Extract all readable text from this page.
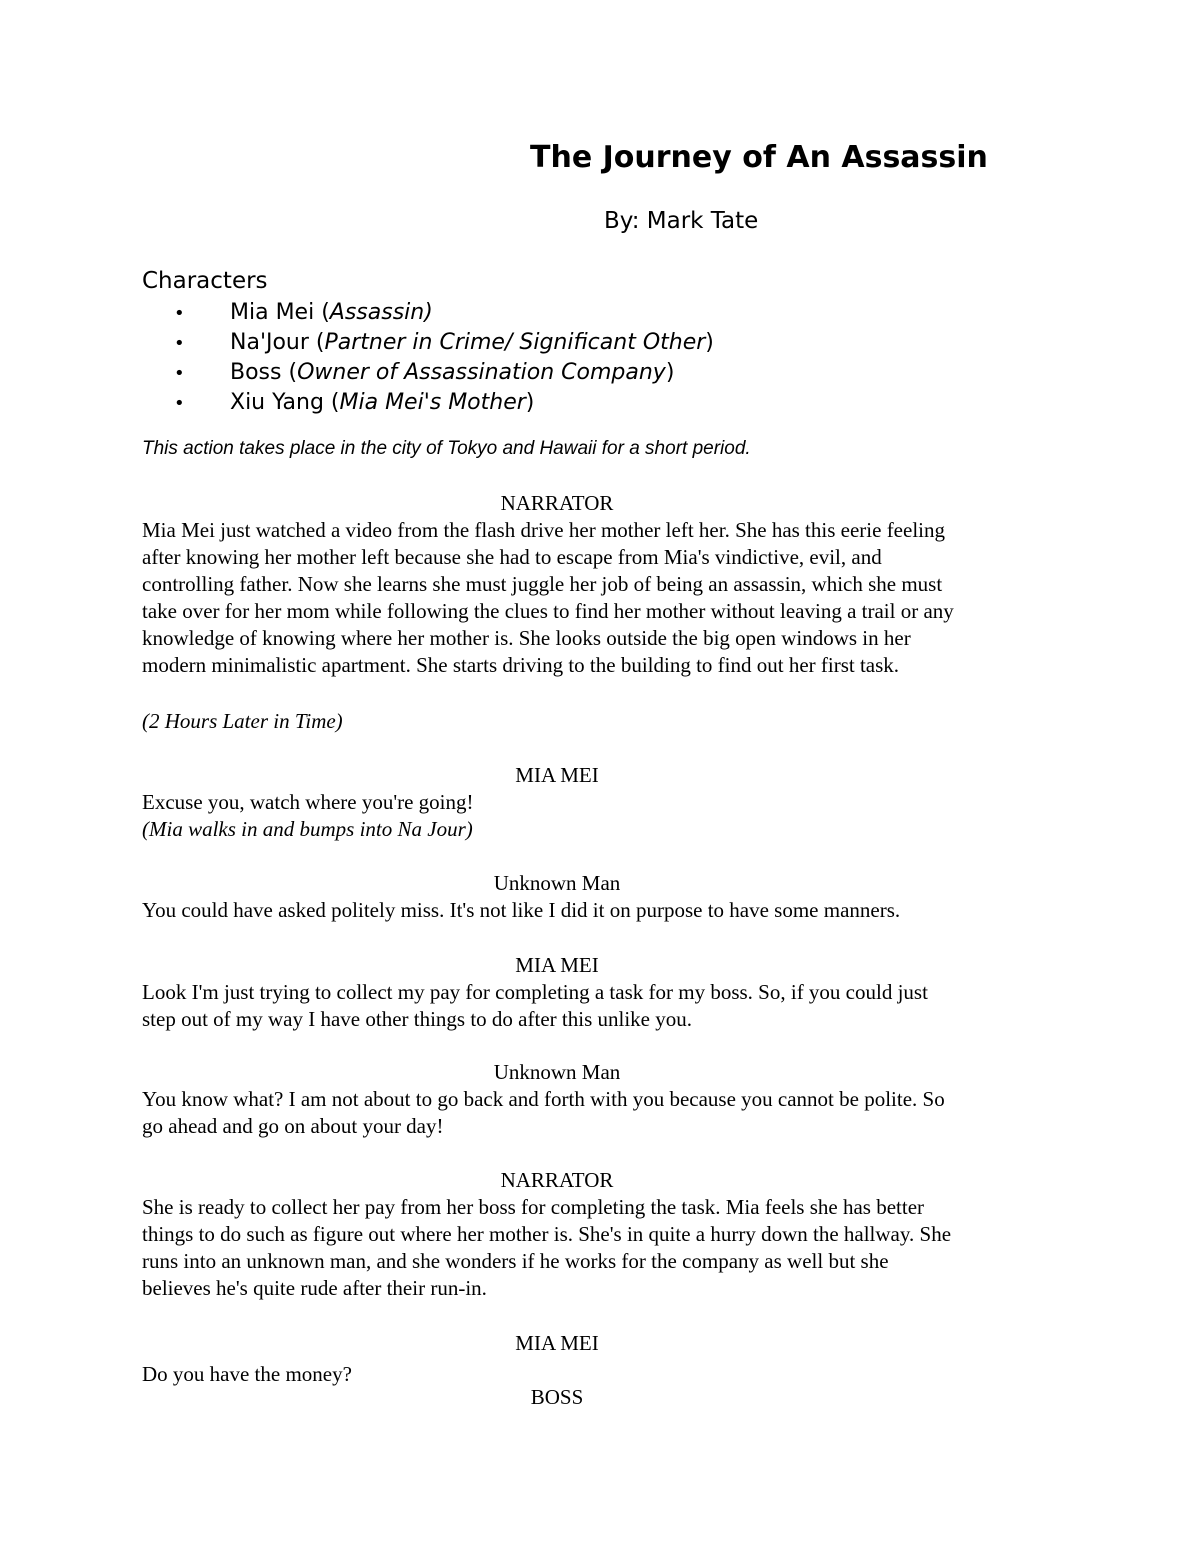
The Journey of An Assassin
By: Mark Tate
Characters
• Mia Mei (Assassin)
• Na'Jour (Partner in Crime/ Significant Other)
• Boss (Owner of Assassination Company)
• Xiu Yang (Mia Mei's Mother)
This action takes place in the city of Tokyo and Hawaii for a short period.
NARRATOR
Mia Mei just watched a video from the flash drive her mother left her. She has this eerie feeling
after knowing her mother left because she had to escape from Mia's vindictive, evil, and
controlling father. Now she learns she must juggle her job of being an assassin, which she must
take over for her mom while following the clues to find her mother without leaving a trail or any
knowledge of knowing where her mother is. She looks outside the big open windows in her
modern minimalistic apartment. She starts driving to the building to find out her first task.
(2 Hours Later in Time)
MIA MEI
Excuse you, watch where you're going!
(Mia walks in and bumps into Na Jour)
Unknown Man
You could have asked politely miss. It's not like I did it on purpose to have some manners.
MIA MEI
Look I'm just trying to collect my pay for completing a task for my boss. So, if you could just
step out of my way I have other things to do after this unlike you.
Unknown Man
You know what? I am not about to go back and forth with you because you cannot be polite. So
go ahead and go on about your day!
NARRATOR
She is ready to collect her pay from her boss for completing the task. Mia feels she has better
things to do such as figure out where her mother is. She's in quite a hurry down the hallway. She
runs into an unknown man, and she wonders if he works for the company as well but she
believes he's quite rude after their run-in.
MIA MEI
Do you have the money?
BOSS
